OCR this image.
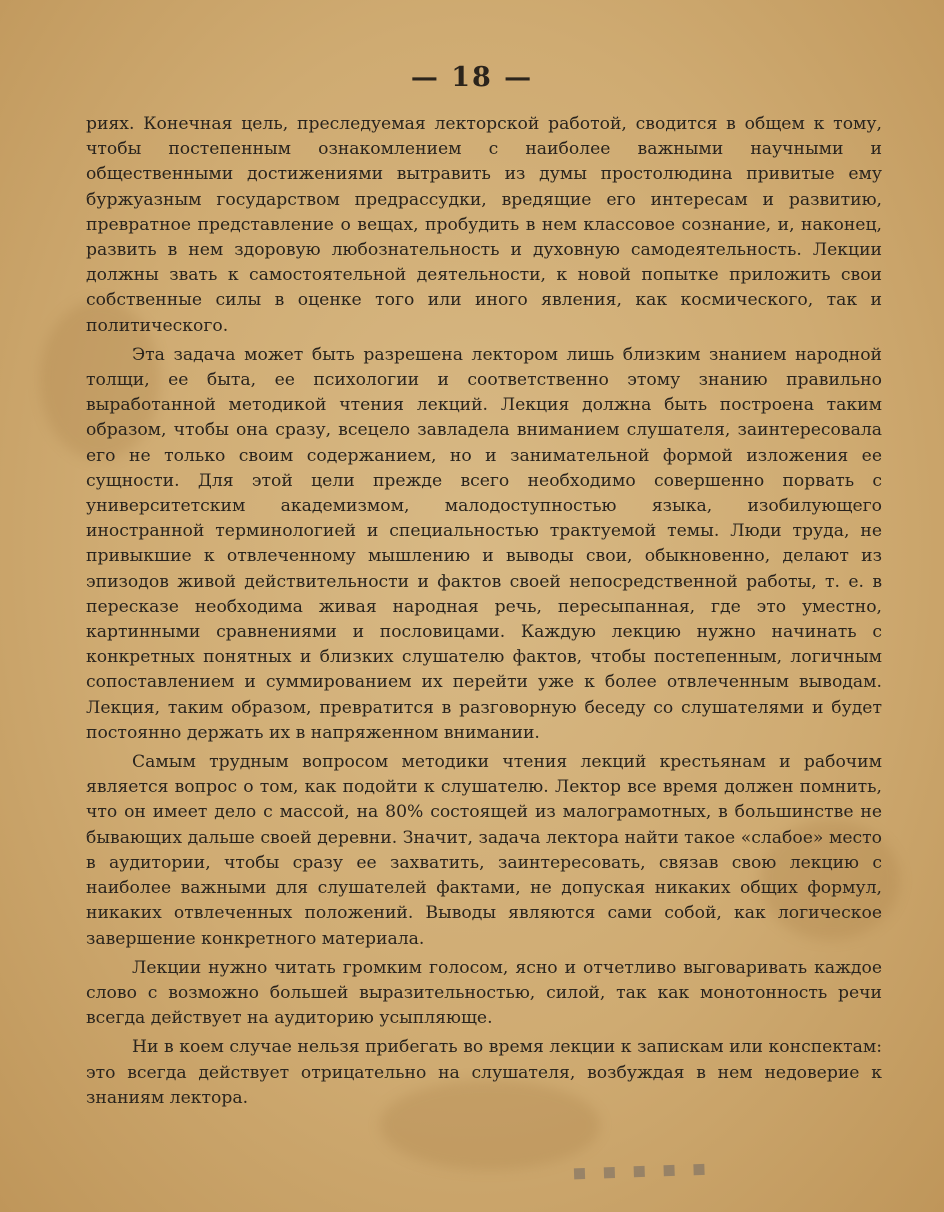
— 18 —

риях. Конечная цель, преследуемая лекторской работой, сводится в общем к тому, чтобы постепенным ознакомлением с наиболее важными научными и общественными достижениями вытравить из думы простолюдина привитые ему буржуазным государством предрассудки, вредящие его интересам и развитию, превратное представление о вещах, пробудить в нем классовое сознание, и, наконец, развить в нем здоровую любознательность и духовную самодеятельность. Лекции должны звать к самостоятельной деятельности, к новой попытке приложить свои собственные силы в оценке того или иного явления, как космического, так и политического.

Эта задача может быть разрешена лектором лишь близким знанием народной толщи, ее быта, ее психологии и соответственно этому знанию правильно выработанной методикой чтения лекций. Лекция должна быть построена таким образом, чтобы она сразу, всецело завладела вниманием слушателя, заинтересовала его не только своим содержанием, но и занимательной формой изложения ее сущности. Для этой цели прежде всего необходимо совершенно порвать с университетским академизмом, малодоступностью языка, изобилующего иностранной терминологией и специальностью трактуемой темы. Люди труда, не привыкшие к отвлеченному мышлению и выводы свои, обыкновенно, делают из эпизодов живой действительности и фактов своей непосредственной работы, т. е. в пересказе необходима живая народная речь, пересыпанная, где это уместно, картинными сравнениями и пословицами. Каждую лекцию нужно начинать с конкретных понятных и близких слушателю фактов, чтобы постепенным, логичным сопоставлением и суммированием их перейти уже к более отвлеченным выводам. Лекция, таким образом, превратится в разговорную беседу со слушателями и будет постоянно держать их в напряженном внимании.

Самым трудным вопросом методики чтения лекций крестьянам и рабочим является вопрос о том, как подойти к слушателю. Лектор все время должен помнить, что он имеет дело с массой, на 80% состоящей из малограмотных, в большинстве не бывающих дальше своей деревни. Значит, задача лектора найти такое «слабое» место в аудитории, чтобы сразу ее захватить, заинтересовать, связав свою лекцию с наиболее важными для слушателей фактами, не допуская никаких общих формул, никаких отвлеченных положений. Выводы являются сами собой, как логическое завершение конкретного материала.

Лекции нужно читать громким голосом, ясно и отчетливо выговаривать каждое слово с возможно большей выразительностью, силой, так как монотонность речи всегда действует на аудиторию усыпляюще.

Ни в коем случае нельзя прибегать во время лекции к запискам или конспектам: это всегда действует отрицательно на слушателя, возбуждая в нем недоверие к знаниям лектора.

▪ ▪ ▪ ▪ ▪
